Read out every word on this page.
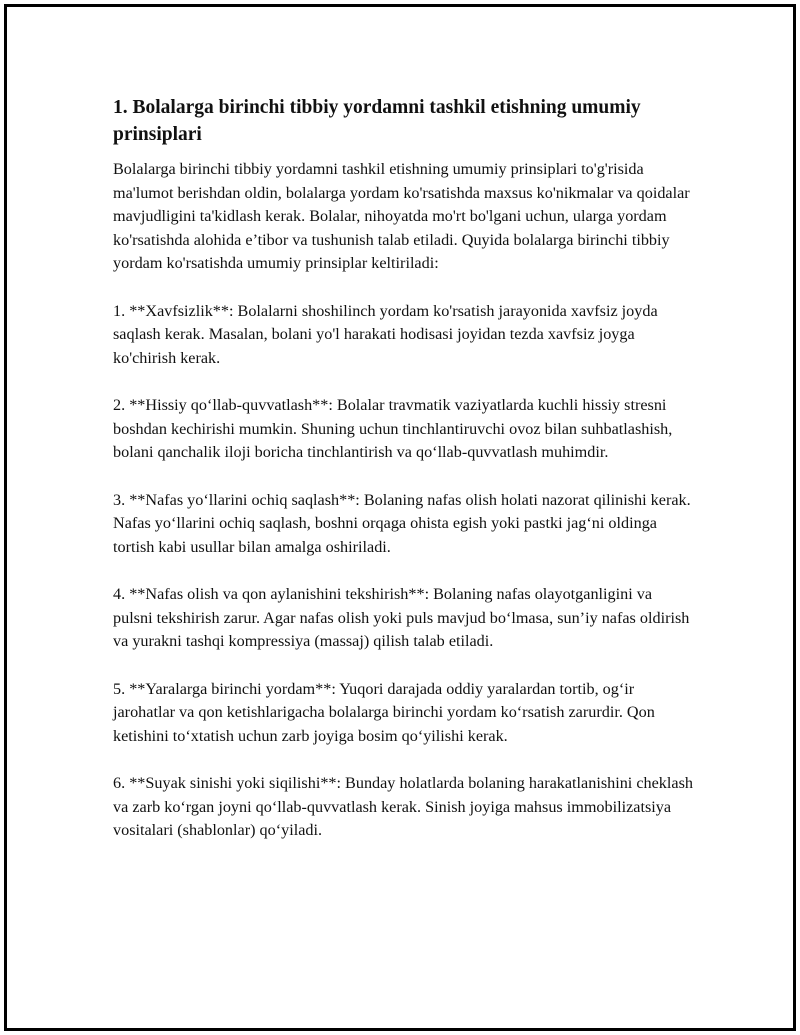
1. Bolalarga birinchi tibbiy yordamni tashkil etishning umumiy prinsiplari

Bolalarga birinchi tibbiy yordamni tashkil etishning umumiy prinsiplari to'g'risida ma'lumot berishdan oldin, bolalarga yordam ko'rsatishda maxsus ko'nikmalar va qoidalar mavjudligini ta'kidlash kerak. Bolalar, nihoyatda mo'rt bo'lgani uchun, ularga yordam ko'rsatishda alohida e’tibor va tushunish talab etiladi. Quyida bolalarga birinchi tibbiy yordam ko'rsatishda umumiy prinsiplar keltiriladi:

1. **Xavfsizlik**: Bolalarni shoshilinch yordam ko'rsatish jarayonida xavfsiz joyda saqlash kerak. Masalan, bolani yo'l harakati hodisasi joyidan tezda xavfsiz joyga ko'chirish kerak.

2. **Hissiy qo‘llab-quvvatlash**: Bolalar travmatik vaziyatlarda kuchli hissiy stresni boshdan kechirishi mumkin. Shuning uchun tinchlantiruvchi ovoz bilan suhbatlashish, bolani qanchalik iloji boricha tinchlantirish va qo‘llab-quvvatlash muhimdir.

3. **Nafas yo‘llarini ochiq saqlash**: Bolaning nafas olish holati nazorat qilinishi kerak. Nafas yo‘llarini ochiq saqlash, boshni orqaga ohista egish yoki pastki jag‘ni oldinga tortish kabi usullar bilan amalga oshiriladi.

4. **Nafas olish va qon aylanishini tekshirish**: Bolaning nafas olayotganligini va pulsni tekshirish zarur. Agar nafas olish yoki puls mavjud bo‘lmasa, sun’iy nafas oldirish va yurakni tashqi kompressiya (massaj) qilish talab etiladi.

5. **Yaralarga birinchi yordam**: Yuqori darajada oddiy yaralardan tortib, og‘ir jarohatlar va qon ketishlarigacha bolalarga birinchi yordam ko‘rsatish zarurdir. Qon ketishini to‘xtatish uchun zarb joyiga bosim qo‘yilishi kerak.

6. **Suyak sinishi yoki siqilishi**: Bunday holatlarda bolaning harakatlanishini cheklash va zarb ko‘rgan joyni qo‘llab-quvvatlash kerak. Sinish joyiga mahsus immobilizatsiya vositalari (shablonlar) qo‘yiladi.
